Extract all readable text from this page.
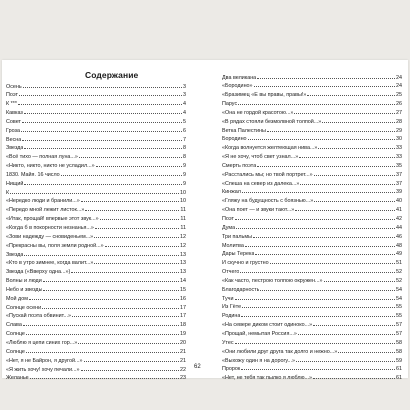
Содержание
Осень	3
Поэт	3
К ***	4
Кавказ	4
Совет	5
Гроза	6
Весна	7
Звезда	8
«Всё тихо — полная луна...»	8
«Никто, никто, никто не усладил...»	9
1830. Майя. 16 число	9
Нищий	9
К	10
«Нередко люди и бранили...»	10
«Передо мной лежит листок...»	11
«Итак, прощай! впервые этот звук...»	11
«Когда б в покорности незнанья...»	11
«Зови надежду — сновиденьем...»	12
«Прекрасны вы, поля земли родной...»	12
Звезда	13
«Кто в утро зимнее, когда валит...»	13
Звезда («Вверху одна...»)	13
Волны и люди	14
Небо и звезды	15
Мой дом	16
Солнце осени	17
«Пускай поэта обвинит...»	17
Слава	18
Солнце	19
«Люблю я цепи синих гор...»	20
Солнце	21
«Нет, я не Байрон, я другой...»	21
«Я жить хочу! хочу печали...»	22
Желанье	23
Два великана	24
«Бородино»	24
«Бразимец «Е вы правы, правы!»	25
Парус	26
«Она не гордой красотою...»	27
«В рядах стояли безмолвной толпой...»	28
Ветка Палестины	29
Бородино	30
«Когда волнуется желтеющая нива...»	33
«Я не хочу, чтоб свет узнал...»	33
Смерть поэта	35
«Расстались мы; но твой портрет...»	37
«Спеша на север из далека...»	37
Кинжал	39
«Гляжу на будущность с боязнью...»	40
«Она поет — и звуки тают...»	41
Поэт	42
Дума	44
Три пальмы	46
Молитва	48
Дары Терека	49
И скучно и грустно	51
Отчего	52
«Как часто, пестрою толпою окружен...»	52
Благодарность	54
Тучи	54
Из Гёте	55
Родина	55
«На севере диком стоит одиноко...»	57
«Прощай, немытая Россия...»	57
Утес	58
«Они любили друг друга так долго и нежно...»	58
«Выхожу один я на дорогу...»	59
Пророк	61
«Нет, не тебя так пылко я люблю...»	61
62
